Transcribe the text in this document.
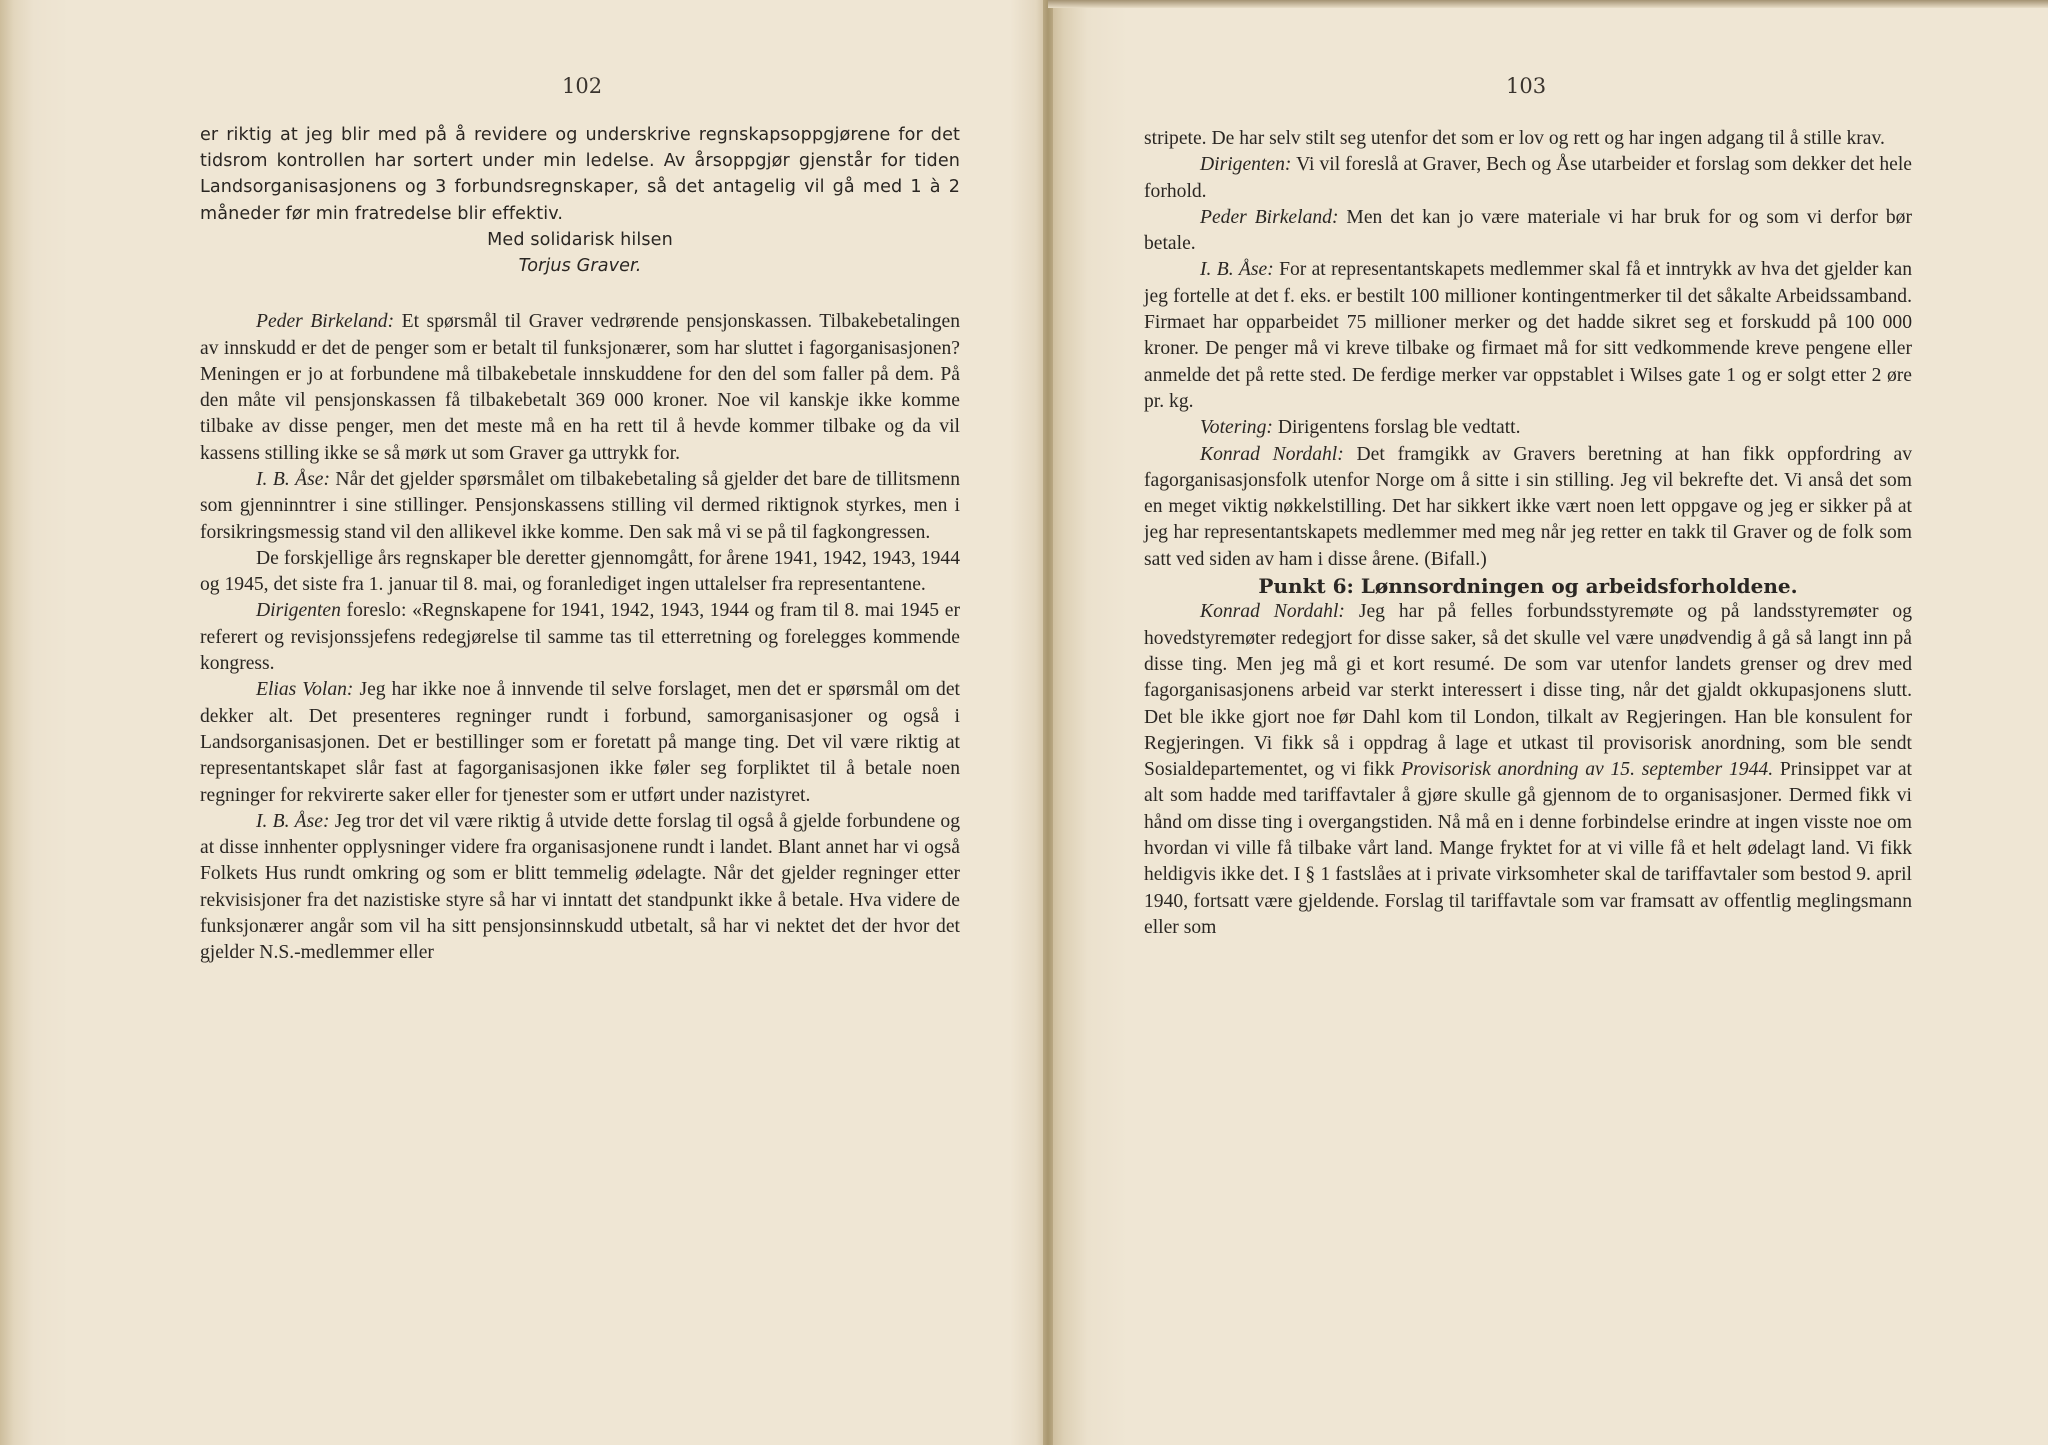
102

er riktig at jeg blir med på å revidere og underskrive regnskapsoppgjørene for det tidsrom kontrollen har sortert under min ledelse. Av årsoppgjør gjenstår for tiden Landsorganisasjonens og 3 forbundsregnskaper, så det antagelig vil gå med 1 à 2 måneder før min fratredelse blir effektiv.

Med solidarisk hilsen

Torjus Graver.

Peder Birkeland: Et spørsmål til Graver vedrørende pensjonskassen. Tilbakebetalingen av innskudd er det de penger som er betalt til funksjonærer, som har sluttet i fagorganisasjonen? Meningen er jo at forbundene må tilbakebetale innskuddene for den del som faller på dem. På den måte vil pensjonskassen få tilbakebetalt 369 000 kroner. Noe vil kanskje ikke komme tilbake av disse penger, men det meste må en ha rett til å hevde kommer tilbake og da vil kassens stilling ikke se så mørk ut som Graver ga uttrykk for.

I. B. Åse: Når det gjelder spørsmålet om tilbakebetaling så gjelder det bare de tillitsmenn som gjenninntrer i sine stillinger. Pensjonskassens stilling vil dermed riktignok styrkes, men i forsikringsmessig stand vil den allikevel ikke komme. Den sak må vi se på til fagkongressen.

De forskjellige års regnskaper ble deretter gjennomgått, for årene 1941, 1942, 1943, 1944 og 1945, det siste fra 1. januar til 8. mai, og foranlediget ingen uttalelser fra representantene.

Dirigenten foreslo: «Regnskapene for 1941, 1942, 1943, 1944 og fram til 8. mai 1945 er referert og revisjonssjefens redegjørelse til samme tas til etterretning og forelegges kommende kongress.

Elias Volan: Jeg har ikke noe å innvende til selve forslaget, men det er spørsmål om det dekker alt. Det presenteres regninger rundt i forbund, samorganisasjoner og også i Landsorganisasjonen. Det er bestillinger som er foretatt på mange ting. Det vil være riktig at representantskapet slår fast at fagorganisasjonen ikke føler seg forpliktet til å betale noen regninger for rekvirerte saker eller for tjenester som er utført under nazistyret.

I. B. Åse: Jeg tror det vil være riktig å utvide dette forslag til også å gjelde forbundene og at disse innhenter opplysninger videre fra organisasjonene rundt i landet. Blant annet har vi også Folkets Hus rundt omkring og som er blitt temmelig ødelagte. Når det gjelder regninger etter rekvisisjoner fra det nazistiske styre så har vi inntatt det standpunkt ikke å betale. Hva videre de funksjonærer angår som vil ha sitt pensjonsinnskudd utbetalt, så har vi nektet det der hvor det gjelder N.S.-medlemmer eller

103

stripete. De har selv stilt seg utenfor det som er lov og rett og har ingen adgang til å stille krav.

Dirigenten: Vi vil foreslå at Graver, Bech og Åse utarbeider et forslag som dekker det hele forhold.

Peder Birkeland: Men det kan jo være materiale vi har bruk for og som vi derfor bør betale.

I. B. Åse: For at representantskapets medlemmer skal få et inntrykk av hva det gjelder kan jeg fortelle at det f. eks. er bestilt 100 millioner kontingentmerker til det såkalte Arbeidssamband. Firmaet har opparbeidet 75 millioner merker og det hadde sikret seg et forskudd på 100 000 kroner. De penger må vi kreve tilbake og firmaet må for sitt vedkommende kreve pengene eller anmelde det på rette sted. De ferdige merker var oppstablet i Wilses gate 1 og er solgt etter 2 øre pr. kg.

Votering: Dirigentens forslag ble vedtatt.

Konrad Nordahl: Det framgikk av Gravers beretning at han fikk oppfordring av fagorganisasjonsfolk utenfor Norge om å sitte i sin stilling. Jeg vil bekrefte det. Vi anså det som en meget viktig nøkkelstilling. Det har sikkert ikke vært noen lett oppgave og jeg er sikker på at jeg har representantskapets medlemmer med meg når jeg retter en takk til Graver og de folk som satt ved siden av ham i disse årene. (Bifall.)

Punkt 6: Lønnsordningen og arbeidsforholdene.

Konrad Nordahl: Jeg har på felles forbundsstyremøte og på landsstyremøter og hovedstyremøter redegjort for disse saker, så det skulle vel være unødvendig å gå så langt inn på disse ting. Men jeg må gi et kort resumé. De som var utenfor landets grenser og drev med fagorganisasjonens arbeid var sterkt interessert i disse ting, når det gjaldt okkupasjonens slutt. Det ble ikke gjort noe før Dahl kom til London, tilkalt av Regjeringen. Han ble konsulent for Regjeringen. Vi fikk så i oppdrag å lage et utkast til provisorisk anordning, som ble sendt Sosialdepartementet, og vi fikk Provisorisk anordning av 15. september 1944. Prinsippet var at alt som hadde med tariffavtaler å gjøre skulle gå gjennom de to organisasjoner. Dermed fikk vi hånd om disse ting i overgangstiden. Nå må en i denne forbindelse erindre at ingen visste noe om hvordan vi ville få tilbake vårt land. Mange fryktet for at vi ville få et helt ødelagt land. Vi fikk heldigvis ikke det. I § 1 fastslåes at i private virksomheter skal de tariffavtaler som bestod 9. april 1940, fortsatt være gjeldende. Forslag til tariffavtale som var framsatt av offentlig meglingsmann eller som
